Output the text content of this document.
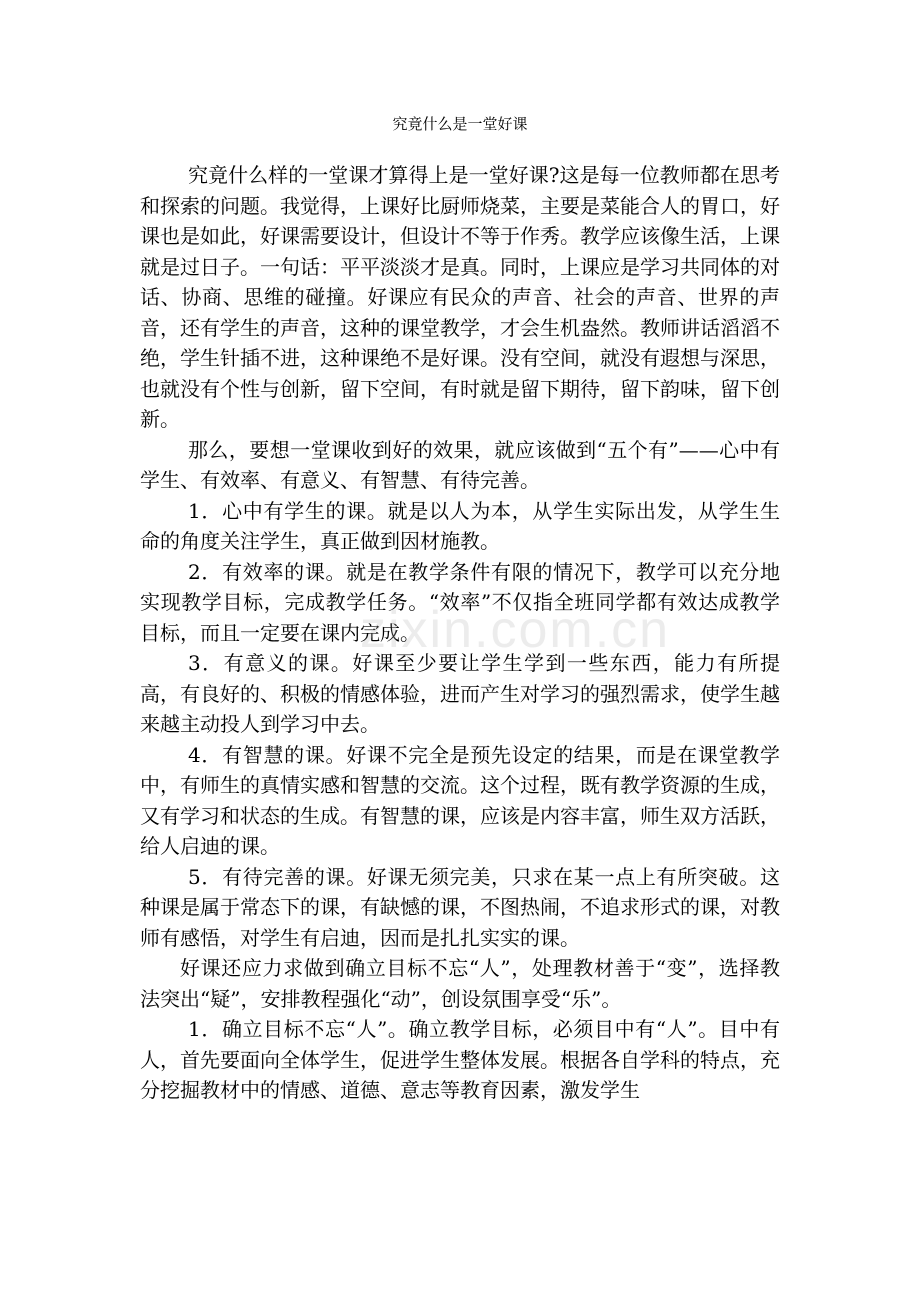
究竟什么是一堂好课

究竟什么样的一堂课才算得上是一堂好课?这是每一位教师都在思考和探索的问题。我觉得，上课好比厨师烧菜，主要是菜能合人的胃口，好课也是如此，好课需要设计，但设计不等于作秀。教学应该像生活，上课就是过日子。一句话：平平淡淡才是真。同时，上课应是学习共同体的对话、协商、思维的碰撞。好课应有民众的声音、社会的声音、世界的声音，还有学生的声音，这种的课堂教学，才会生机盎然。教师讲话滔滔不绝，学生针插不进，这种课绝不是好课。没有空间，就没有遐想与深思，也就没有个性与创新，留下空间，有时就是留下期待，留下韵味，留下创新。

那么，要想一堂课收到好的效果，就应该做到“五个有”——心中有学生、有效率、有意义、有智慧、有待完善。

1．心中有学生的课。就是以人为本，从学生实际出发，从学生生命的角度关注学生，真正做到因材施教。

2．有效率的课。就是在教学条件有限的情况下，教学可以充分地实现教学目标，完成教学任务。“效率”不仅指全班同学都有效达成教学目标，而且一定要在课内完成。

3．有意义的课。好课至少要让学生学到一些东西，能力有所提高，有良好的、积极的情感体验，进而产生对学习的强烈需求，使学生越来越主动投人到学习中去。

4．有智慧的课。好课不完全是预先设定的结果，而是在课堂教学中，有师生的真情实感和智慧的交流。这个过程，既有教学资源的生成，又有学习和状态的生成。有智慧的课，应该是内容丰富，师生双方活跃，给人启迪的课。

5．有待完善的课。好课无须完美，只求在某一点上有所突破。这种课是属于常态下的课，有缺憾的课，不图热闹，不追求形式的课，对教师有感悟，对学生有启迪，因而是扎扎实实的课。

好课还应力求做到确立目标不忘“人”，处理教材善于“变”，选择教法突出“疑”，安排教程强化“动”，创设氛围享受“乐”。

1．确立目标不忘“人”。确立教学目标，必须目中有“人”。目中有人，首先要面向全体学生，促进学生整体发展。根据各自学科的特点，充分挖掘教材中的情感、道德、意志等教育因素，激发学生

zixin.com.cn
